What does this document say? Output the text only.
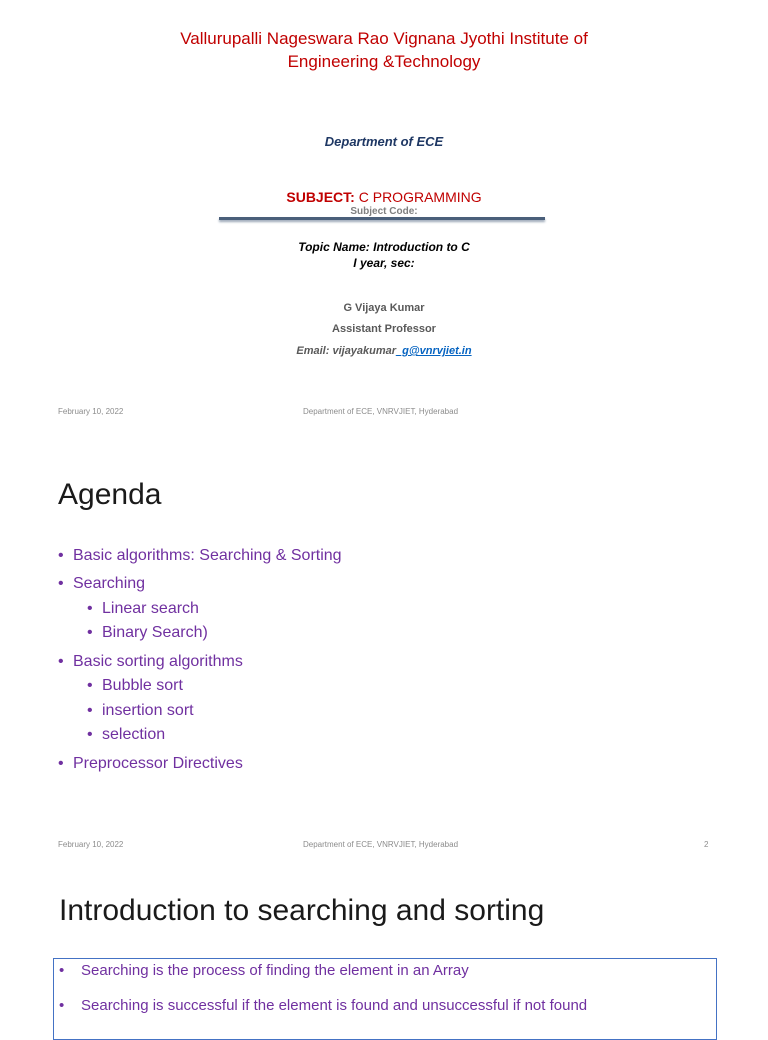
Vallurupalli Nageswara Rao Vignana Jyothi Institute of
Engineering &Technology
Department of ECE
SUBJECT: C PROGRAMMING
Subject Code:
Topic Name: Introduction to C
I year, sec:
G Vijaya Kumar
Assistant Professor
Email: vijayakumar_g@vnrvjiet.in
February 10, 2022	Department of ECE, VNRVJIET, Hyderabad
Agenda
• Basic algorithms: Searching & Sorting
• Searching
• Linear search
• Binary Search)
• Basic sorting algorithms
• Bubble sort
• insertion sort
• selection
• Preprocessor Directives
February 10, 2022	Department of ECE, VNRVJIET, Hyderabad	2
Introduction to searching and sorting
• Searching is the process of finding the element in an Array
• Searching is successful if the element is found and unsuccessful if not found
